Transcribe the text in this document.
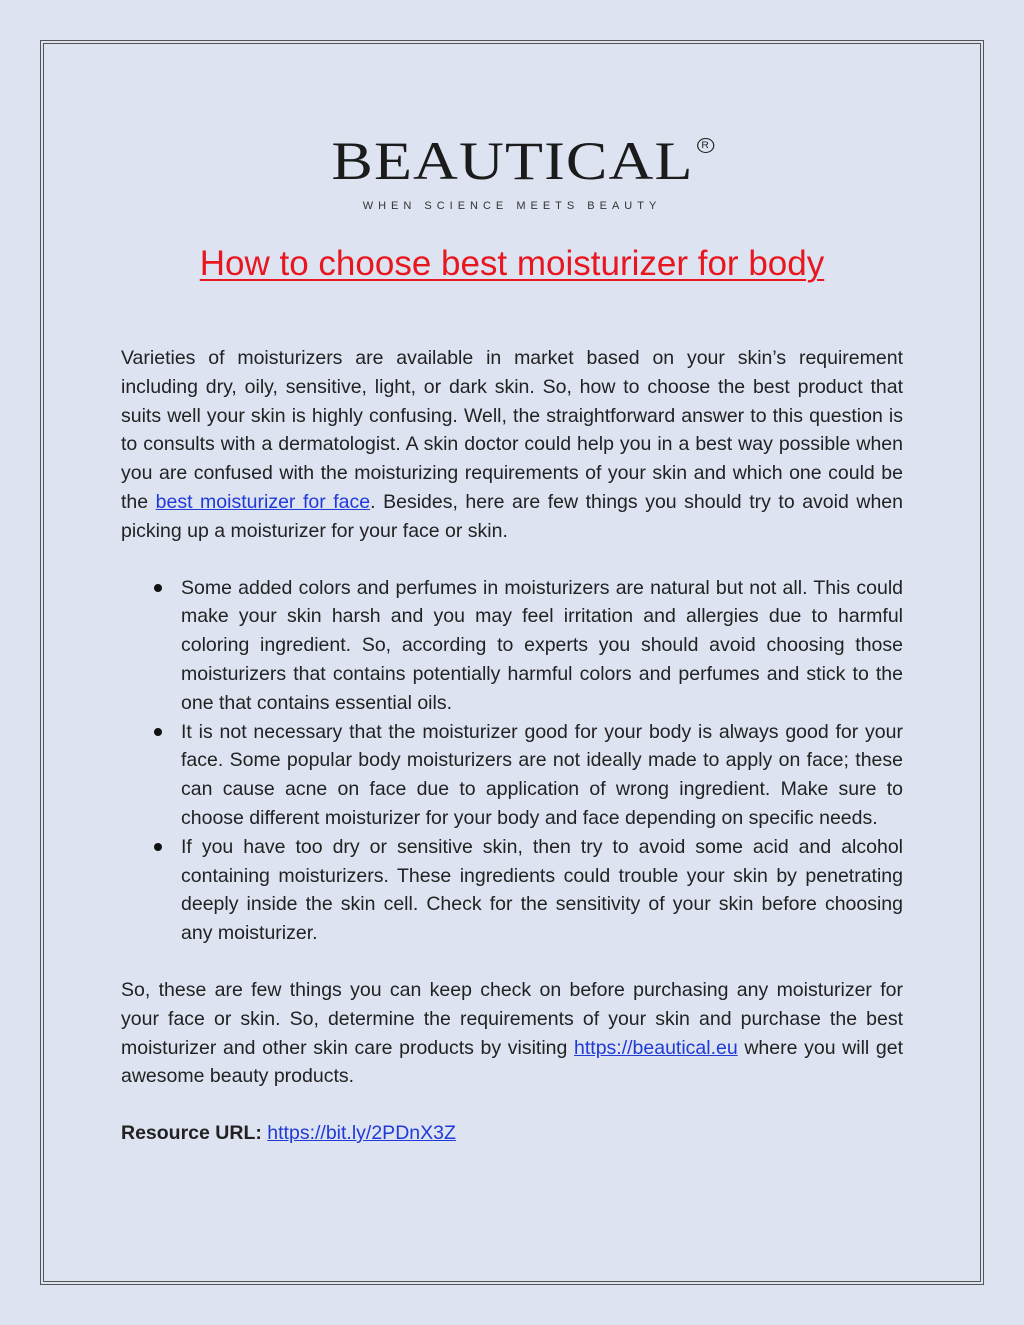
BEAUTICAL R
WHEN SCIENCE MEETS BEAUTY
How to choose best moisturizer for body

Varieties of moisturizers are available in market based on your skin’s requirement including dry, oily, sensitive, light, or dark skin. So, how to choose the best product that suits well your skin is highly confusing. Well, the straightforward answer to this question is to consults with a dermatologist. A skin doctor could help you in a best way possible when you are confused with the moisturizing requirements of your skin and which one could be the best moisturizer for face. Besides, here are few things you should try to avoid when picking up a moisturizer for your face or skin.

Some added colors and perfumes in moisturizers are natural but not all. This could make your skin harsh and you may feel irritation and allergies due to harmful coloring ingredient. So, according to experts you should avoid choosing those moisturizers that contains potentially harmful colors and perfumes and stick to the one that contains essential oils.
It is not necessary that the moisturizer good for your body is always good for your face. Some popular body moisturizers are not ideally made to apply on face; these can cause acne on face due to application of wrong ingredient. Make sure to choose different moisturizer for your body and face depending on specific needs.
If you have too dry or sensitive skin, then try to avoid some acid and alcohol containing moisturizers. These ingredients could trouble your skin by penetrating deeply inside the skin cell. Check for the sensitivity of your skin before choosing any moisturizer.

So, these are few things you can keep check on before purchasing any moisturizer for your face or skin. So, determine the requirements of your skin and purchase the best moisturizer and other skin care products by visiting https://beautical.eu where you will get awesome beauty products.

Resource URL: https://bit.ly/2PDnX3Z
